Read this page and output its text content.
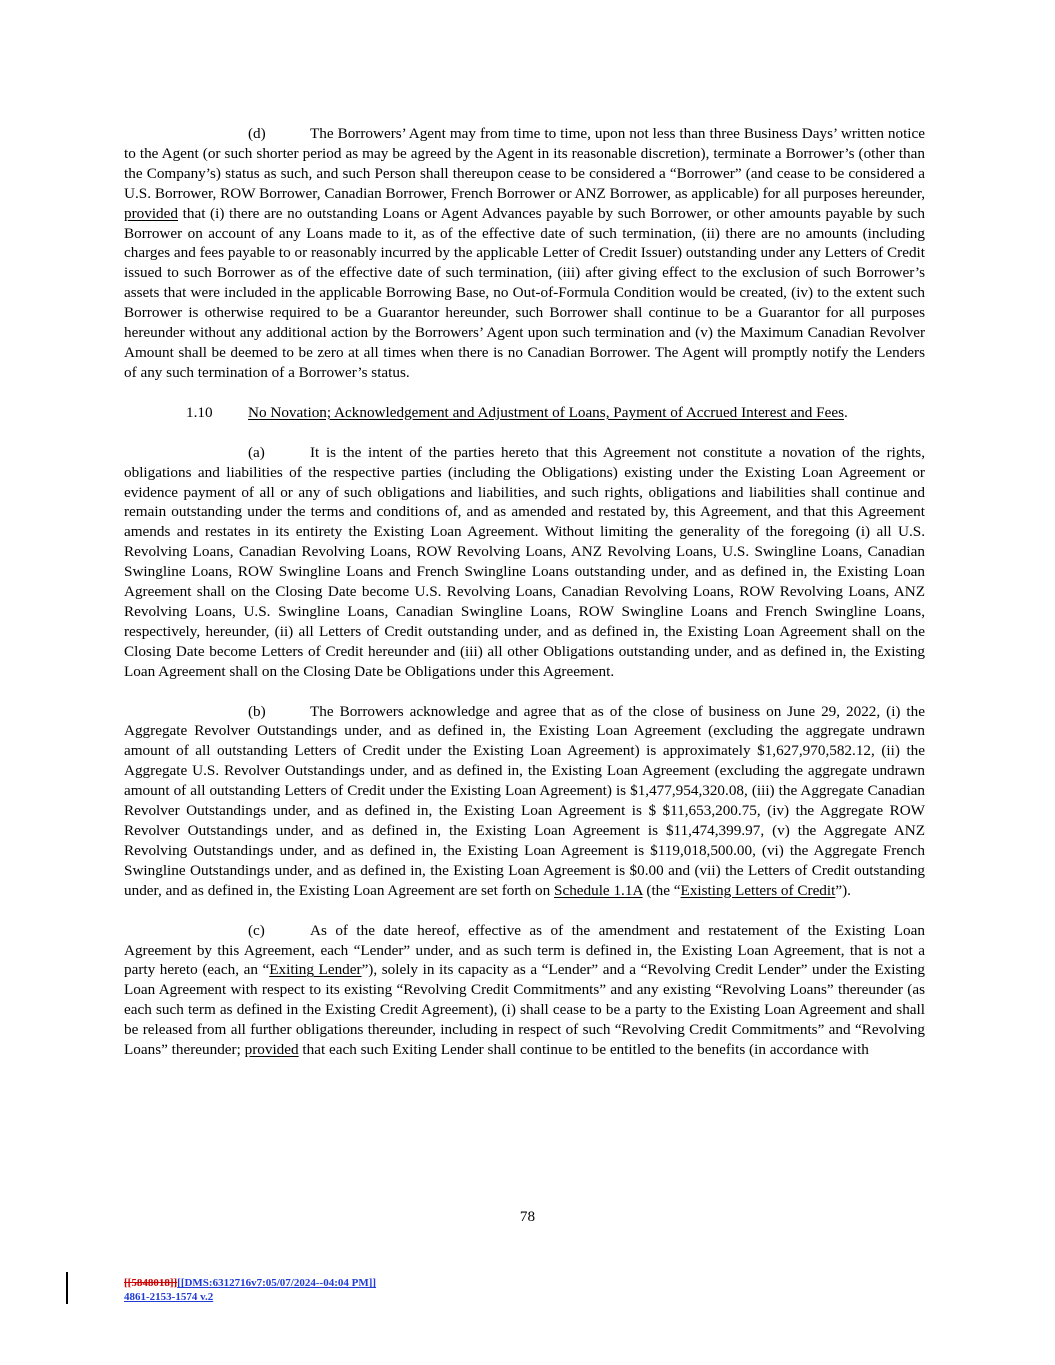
(d)	The Borrowers’ Agent may from time to time, upon not less than three Business Days’ written notice to the Agent (or such shorter period as may be agreed by the Agent in its reasonable discretion), terminate a Borrower’s (other than the Company’s) status as such, and such Person shall thereupon cease to be considered a “Borrower” (and cease to be considered a U.S. Borrower, ROW Borrower, Canadian Borrower, French Borrower or ANZ Borrower, as applicable) for all purposes hereunder, provided that (i) there are no outstanding Loans or Agent Advances payable by such Borrower, or other amounts payable by such Borrower on account of any Loans made to it, as of the effective date of such termination, (ii) there are no amounts (including charges and fees payable to or reasonably incurred by the applicable Letter of Credit Issuer) outstanding under any Letters of Credit issued to such Borrower as of the effective date of such termination, (iii) after giving effect to the exclusion of such Borrower’s assets that were included in the applicable Borrowing Base, no Out-of-Formula Condition would be created, (iv) to the extent such Borrower is otherwise required to be a Guarantor hereunder, such Borrower shall continue to be a Guarantor for all purposes hereunder without any additional action by the Borrowers’ Agent upon such termination and (v) the Maximum Canadian Revolver Amount shall be deemed to be zero at all times when there is no Canadian Borrower. The Agent will promptly notify the Lenders of any such termination of a Borrower’s status.

1.10 No Novation; Acknowledgement and Adjustment of Loans, Payment of Accrued Interest and Fees.

(a)	It is the intent of the parties hereto that this Agreement not constitute a novation of the rights, obligations and liabilities of the respective parties (including the Obligations) existing under the Existing Loan Agreement or evidence payment of all or any of such obligations and liabilities, and such rights, obligations and liabilities shall continue and remain outstanding under the terms and conditions of, and as amended and restated by, this Agreement, and that this Agreement amends and restates in its entirety the Existing Loan Agreement. Without limiting the generality of the foregoing (i) all U.S. Revolving Loans, Canadian Revolving Loans, ROW Revolving Loans, ANZ Revolving Loans, U.S. Swingline Loans, Canadian Swingline Loans, ROW Swingline Loans and French Swingline Loans outstanding under, and as defined in, the Existing Loan Agreement shall on the Closing Date become U.S. Revolving Loans, Canadian Revolving Loans, ROW Revolving Loans, ANZ Revolving Loans, U.S. Swingline Loans, Canadian Swingline Loans, ROW Swingline Loans and French Swingline Loans, respectively, hereunder, (ii) all Letters of Credit outstanding under, and as defined in, the Existing Loan Agreement shall on the Closing Date become Letters of Credit hereunder and (iii) all other Obligations outstanding under, and as defined in, the Existing Loan Agreement shall on the Closing Date be Obligations under this Agreement.

(b)	The Borrowers acknowledge and agree that as of the close of business on June 29, 2022, (i) the Aggregate Revolver Outstandings under, and as defined in, the Existing Loan Agreement (excluding the aggregate undrawn amount of all outstanding Letters of Credit under the Existing Loan Agreement) is approximately $1,627,970,582.12, (ii) the Aggregate U.S. Revolver Outstandings under, and as defined in, the Existing Loan Agreement (excluding the aggregate undrawn amount of all outstanding Letters of Credit under the Existing Loan Agreement) is $1,477,954,320.08, (iii) the Aggregate Canadian Revolver Outstandings under, and as defined in, the Existing Loan Agreement is $ $11,653,200.75, (iv) the Aggregate ROW Revolver Outstandings under, and as defined in, the Existing Loan Agreement is $11,474,399.97, (v) the Aggregate ANZ Revolving Outstandings under, and as defined in, the Existing Loan Agreement is $119,018,500.00, (vi) the Aggregate French Swingline Outstandings under, and as defined in, the Existing Loan Agreement is $0.00 and (vii) the Letters of Credit outstanding under, and as defined in, the Existing Loan Agreement are set forth on Schedule 1.1A (the “Existing Letters of Credit”).

(c)	As of the date hereof, effective as of the amendment and restatement of the Existing Loan Agreement by this Agreement, each “Lender” under, and as such term is defined in, the Existing Loan Agreement, that is not a party hereto (each, an “Exiting Lender”), solely in its capacity as a “Lender” and a “Revolving Credit Lender” under the Existing Loan Agreement with respect to its existing “Revolving Credit Commitments” and any existing “Revolving Loans” thereunder (as each such term as defined in the Existing Credit Agreement), (i) shall cease to be a party to the Existing Loan Agreement and shall be released from all further obligations thereunder, including in respect of such “Revolving Credit Commitments” and “Revolving Loans” thereunder; provided that each such Exiting Lender shall continue to be entitled to the benefits (in accordance with

78
[[5848018]][[DMS:6312716v7:05/07/2024--04:04 PM]]
4861-2153-1574 v.2
